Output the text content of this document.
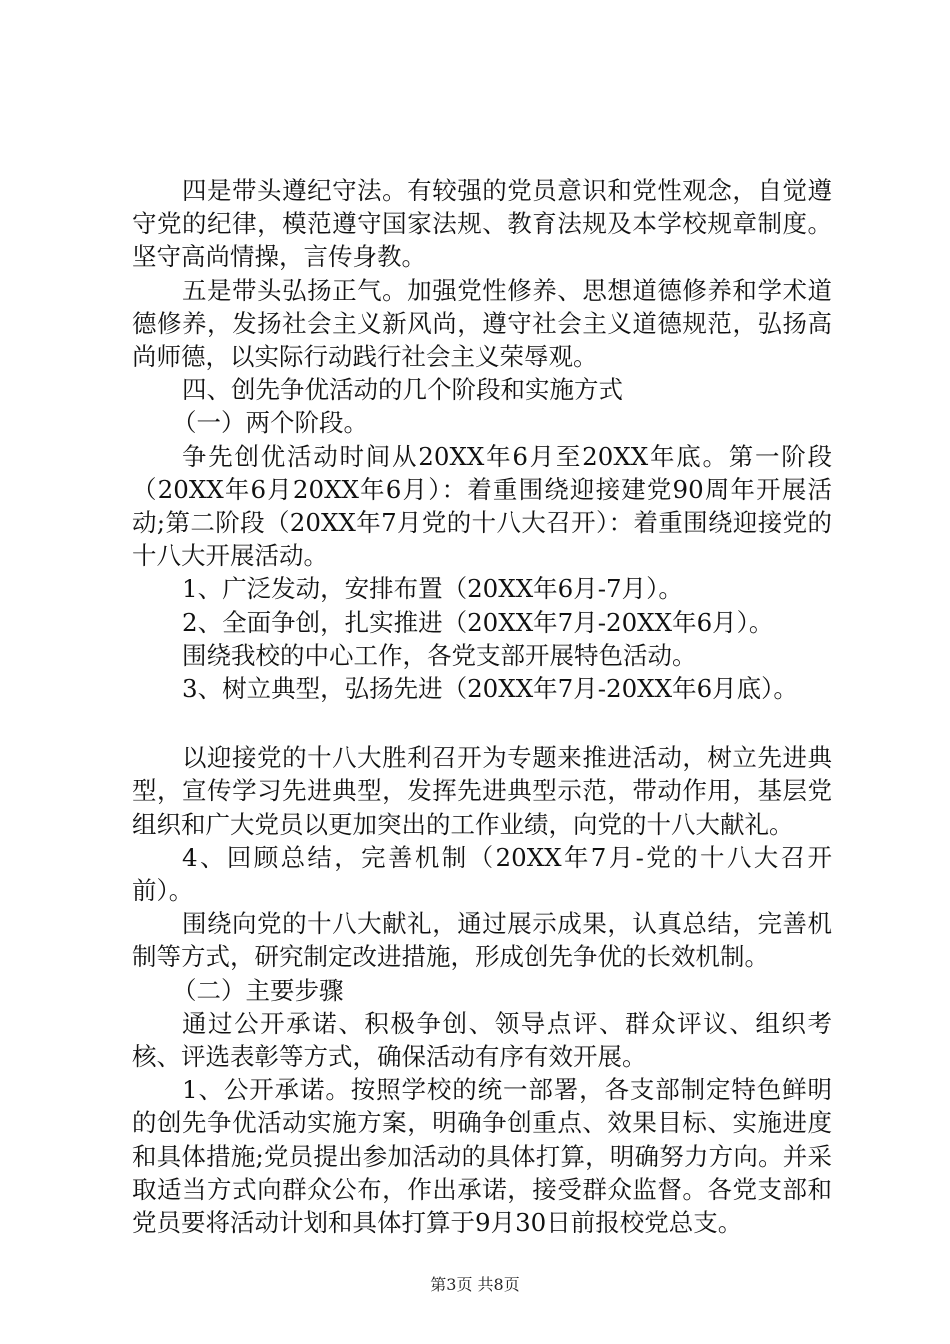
四是带头遵纪守法。有较强的党员意识和党性观念，自觉遵守党的纪律，模范遵守国家法规、教育法规及本学校规章制度。坚守高尚情操，言传身教。

五是带头弘扬正气。加强党性修养、思想道德修养和学术道德修养，发扬社会主义新风尚，遵守社会主义道德规范，弘扬高尚师德，以实际行动践行社会主义荣辱观。

四、创先争优活动的几个阶段和实施方式

（一）两个阶段。

争先创优活动时间从20XX年6月至20XX年底。第一阶段（20XX年6月20XX年6月）：着重围绕迎接建党90周年开展活动;第二阶段（20XX年7月党的十八大召开）：着重围绕迎接党的十八大开展活动。

1、广泛发动，安排布置（20XX年6月-7月）。

2、全面争创，扎实推进（20XX年7月-20XX年6月）。

围绕我校的中心工作，各党支部开展特色活动。

3、树立典型，弘扬先进（20XX年7月-20XX年6月底）。

以迎接党的十八大胜利召开为专题来推进活动，树立先进典型，宣传学习先进典型，发挥先进典型示范，带动作用，基层党组织和广大党员以更加突出的工作业绩，向党的十八大献礼。

4、回顾总结，完善机制（20XX年7月-党的十八大召开前）。

围绕向党的十八大献礼，通过展示成果，认真总结，完善机制等方式，研究制定改进措施，形成创先争优的长效机制。

（二）主要步骤

通过公开承诺、积极争创、领导点评、群众评议、组织考核、评选表彰等方式，确保活动有序有效开展。

1、公开承诺。按照学校的统一部署，各支部制定特色鲜明的创先争优活动实施方案，明确争创重点、效果目标、实施进度和具体措施;党员提出参加活动的具体打算，明确努力方向。并采取适当方式向群众公布，作出承诺，接受群众监督。各党支部和党员要将活动计划和具体打算于9月30日前报校党总支。

第3页 共8页
